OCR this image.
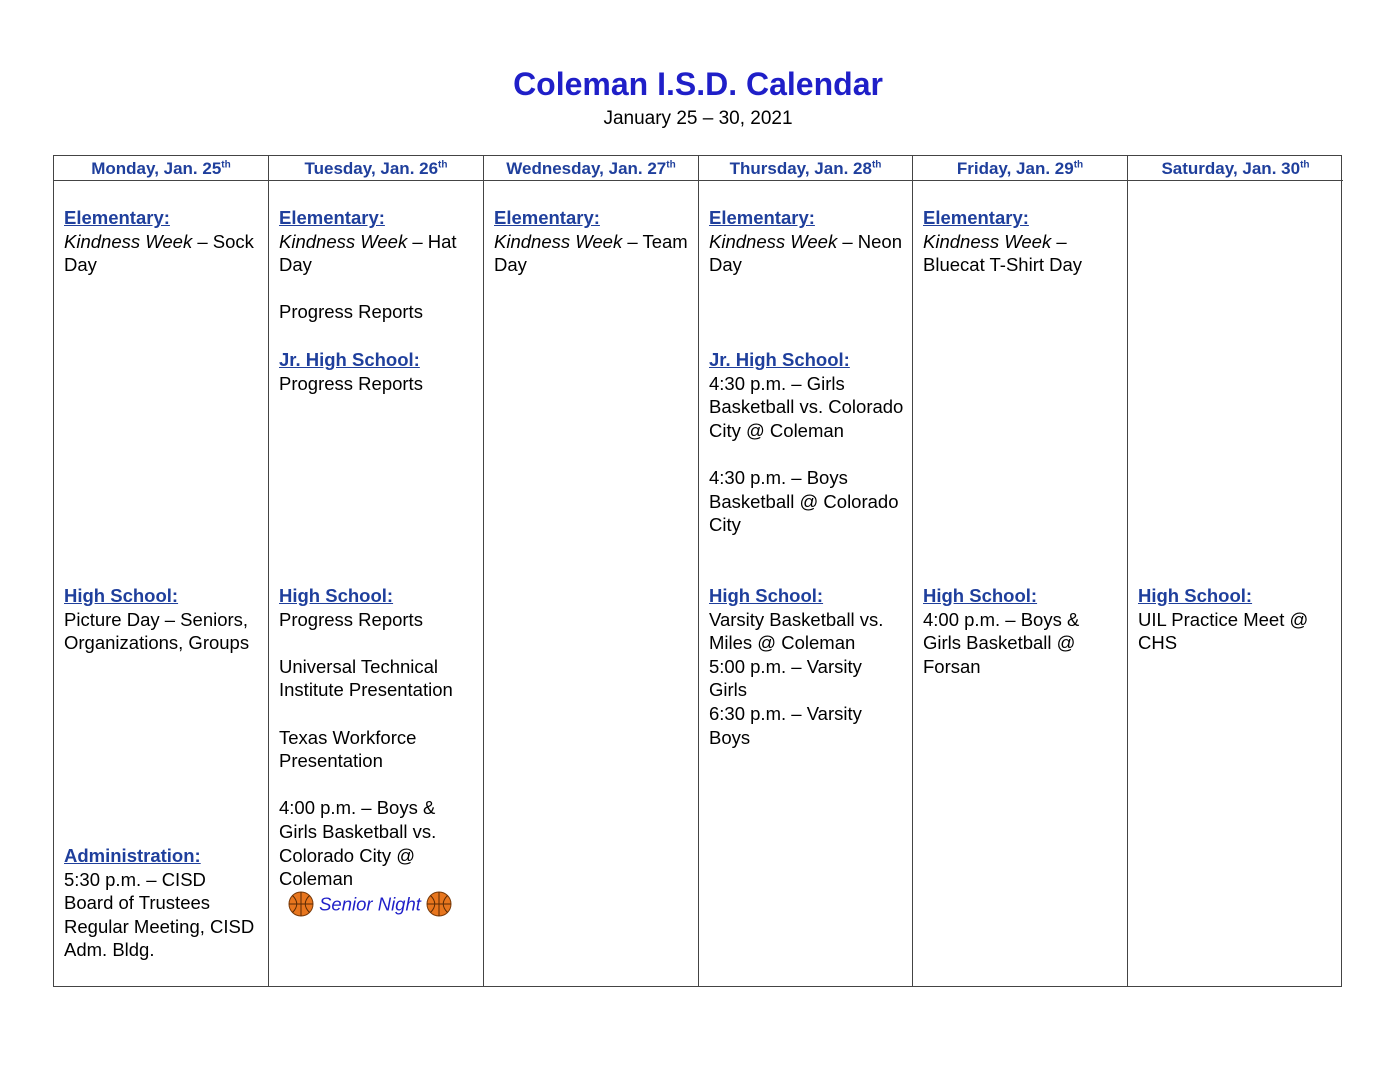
Coleman I.S.D. Calendar
January 25 – 30, 2021
Monday, Jan. 25th
Elementary:
Kindness Week – Sock Day
High School:
Picture Day – Seniors, Organizations, Groups
Administration:
5:30 p.m. – CISD Board of Trustees Regular Meeting, CISD Adm. Bldg.
Tuesday, Jan. 26th
Elementary:
Kindness Week – Hat Day
Progress Reports
Jr. High School:
Progress Reports
High School:
Progress Reports
Universal Technical Institute Presentation
Texas Workforce Presentation
4:00 p.m. – Boys & Girls Basketball vs. Colorado City @ Coleman
Senior Night
Wednesday, Jan. 27th
Elementary:
Kindness Week – Team Day
Thursday, Jan. 28th
Elementary:
Kindness Week – Neon Day
Jr. High School:
4:30 p.m. – Girls Basketball vs. Colorado City @ Coleman
4:30 p.m. – Boys Basketball @ Colorado City
High School:
Varsity Basketball vs. Miles @ Coleman
5:00 p.m. – Varsity Girls
6:30 p.m. – Varsity Boys
Friday, Jan. 29th
Elementary:
Kindness Week – Bluecat T-Shirt Day
High School:
4:00 p.m. – Boys & Girls Basketball @ Forsan
Saturday, Jan. 30th
High School:
UIL Practice Meet @ CHS
